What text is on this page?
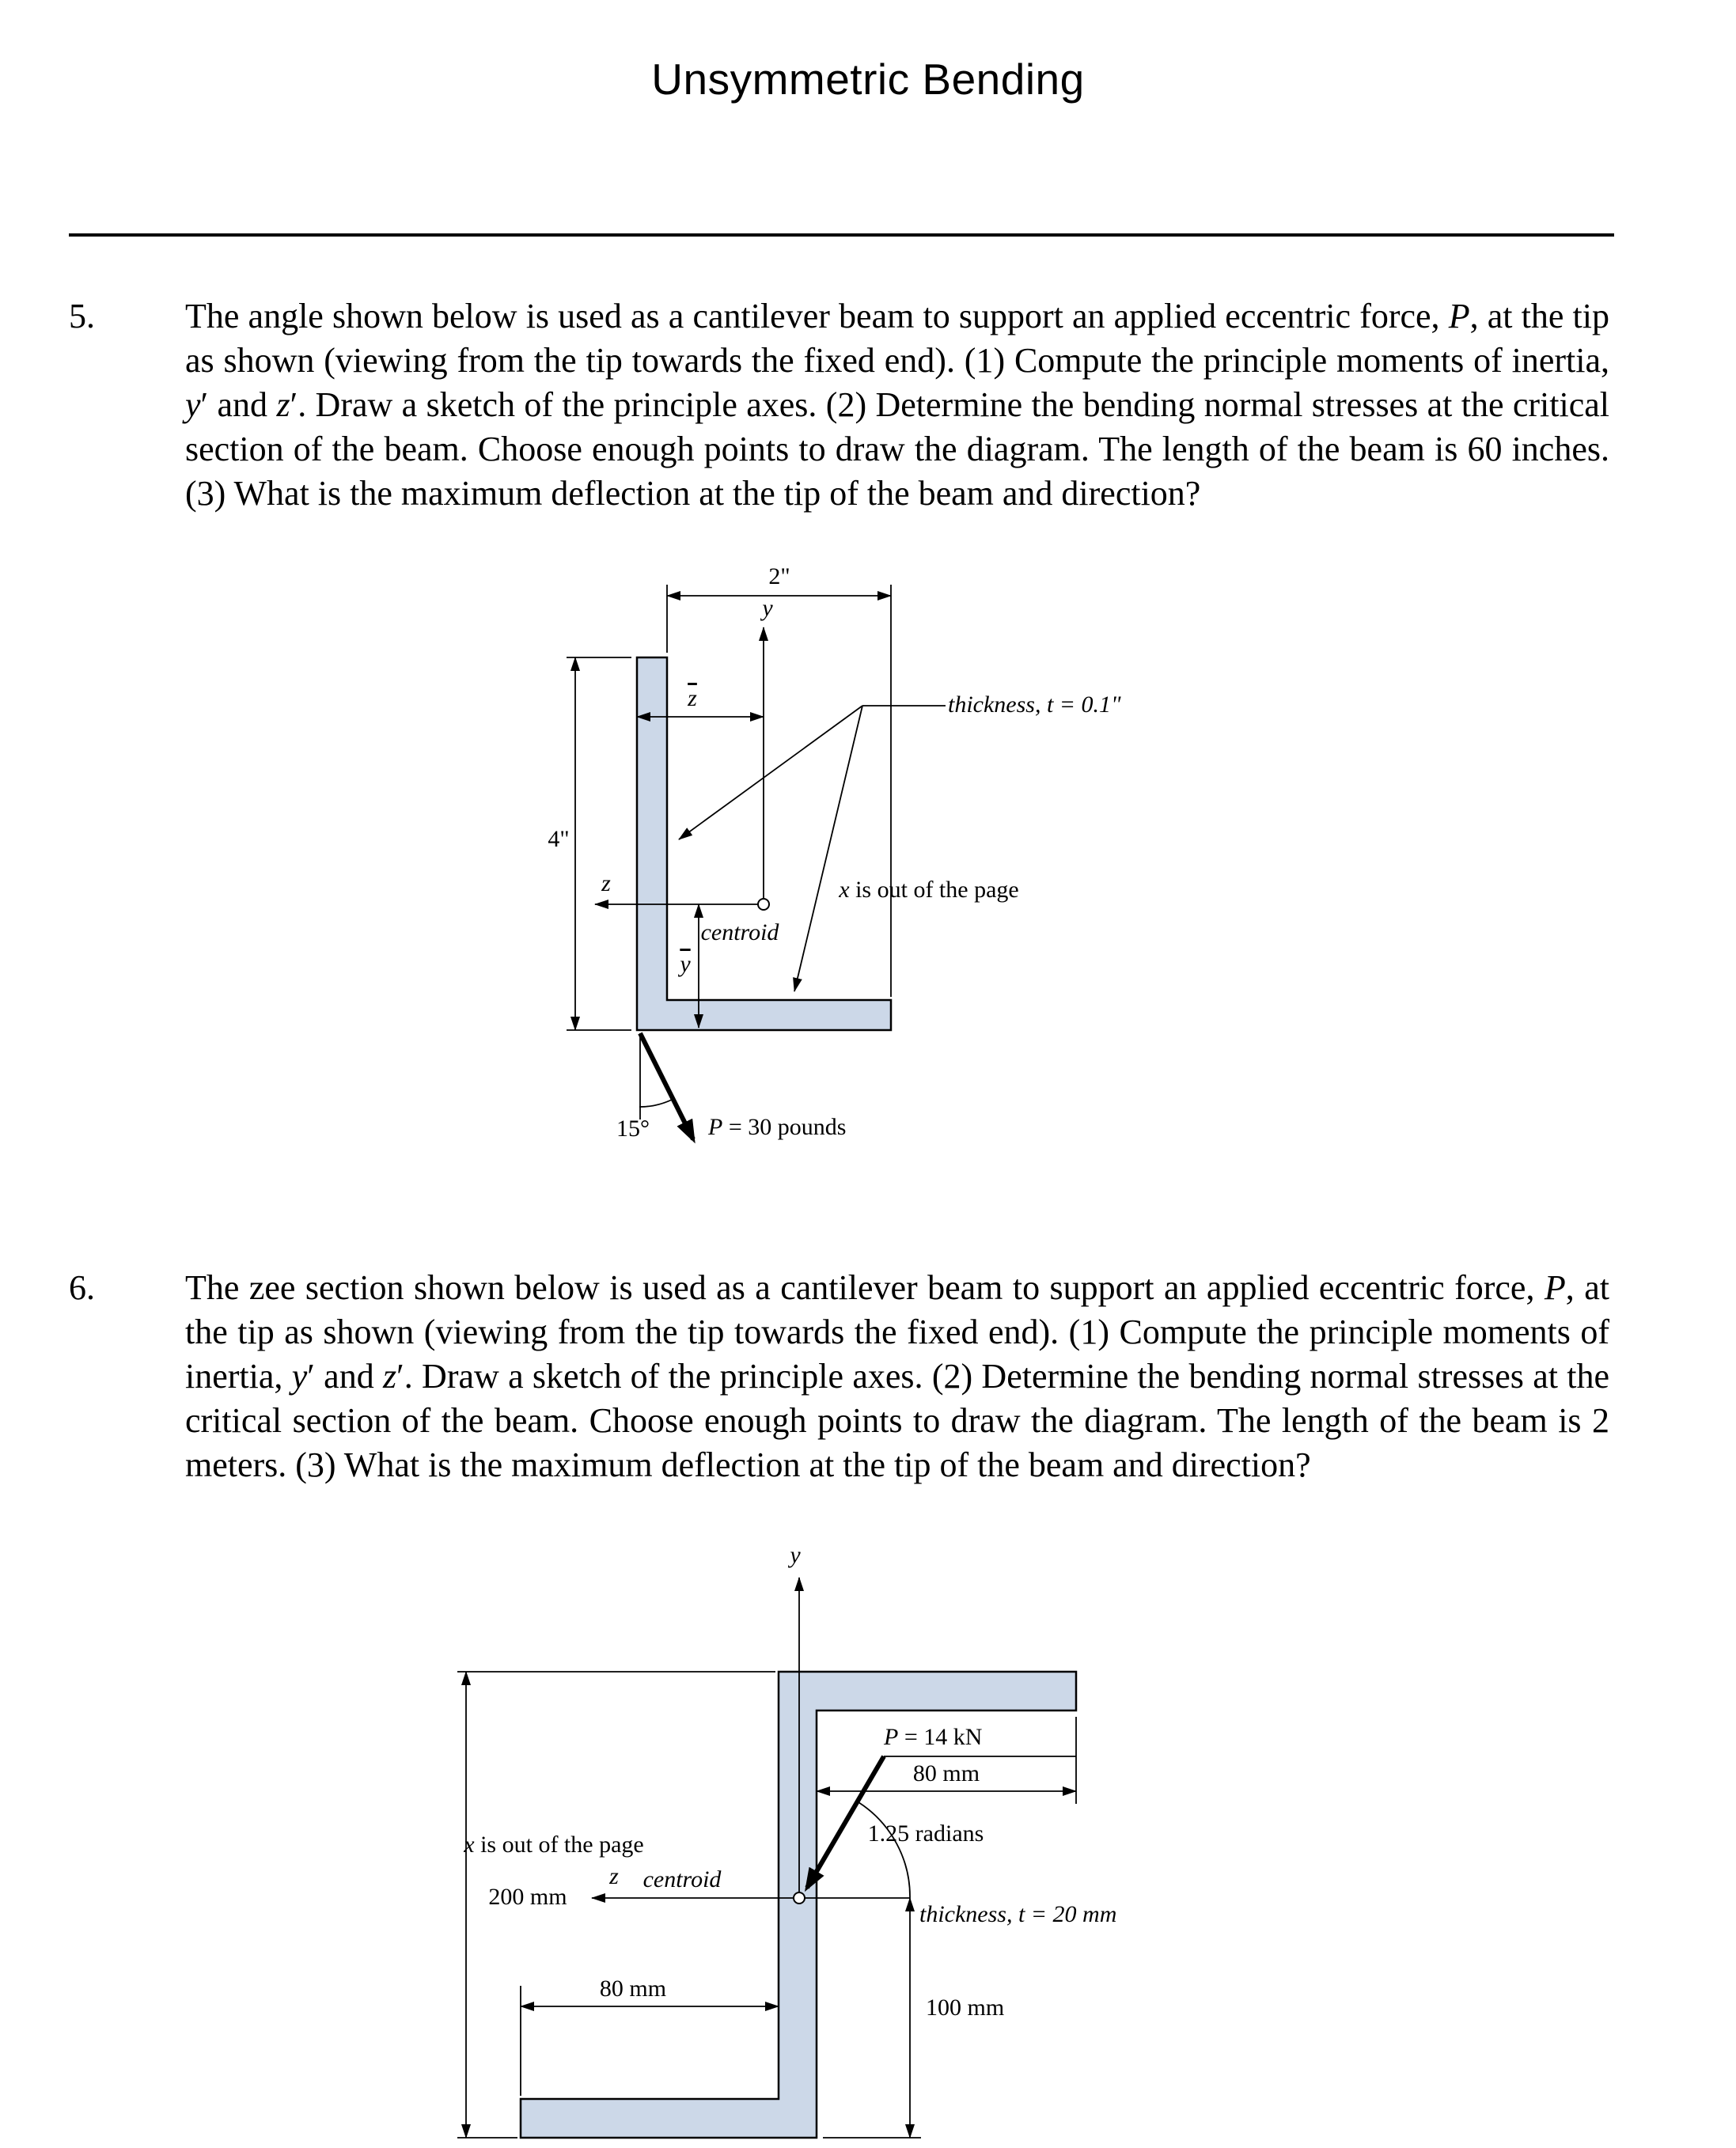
Unsymmetric Bending
5.	The angle shown below is used as a cantilever beam to support an applied eccentric force, P, at the tip as shown (viewing from the tip towards the fixed end). (1) Compute the principle moments of inertia, y′ and z′. Draw a sketch of the principle axes. (2) Determine the bending normal stresses at the critical section of the beam. Choose enough points to draw the diagram. The length of the beam is 60 inches. (3) What is the maximum deflection at the tip of the beam and direction?
2"
y
$\overline{z}$	thickness, t = 0.1"
4"
z
centroid
$\overline{y}$
x is out of the page
15° P = 30 pounds
6.	The zee section shown below is used as a cantilever beam to support an applied eccentric force, P, at the tip as shown (viewing from the tip towards the fixed end). (1) Compute the principle moments of inertia, y′ and z′. Draw a sketch of the principle axes. (2) Determine the bending normal stresses at the critical section of the beam. Choose enough points to draw the diagram. The length of the beam is 2 meters. (3) What is the maximum deflection at the tip of the beam and direction?
y
P = 14 kN
80 mm
1.25 radians
x is out of the page
z centroid
200 mm
thickness, t = 20 mm
100 mm
80 mm
